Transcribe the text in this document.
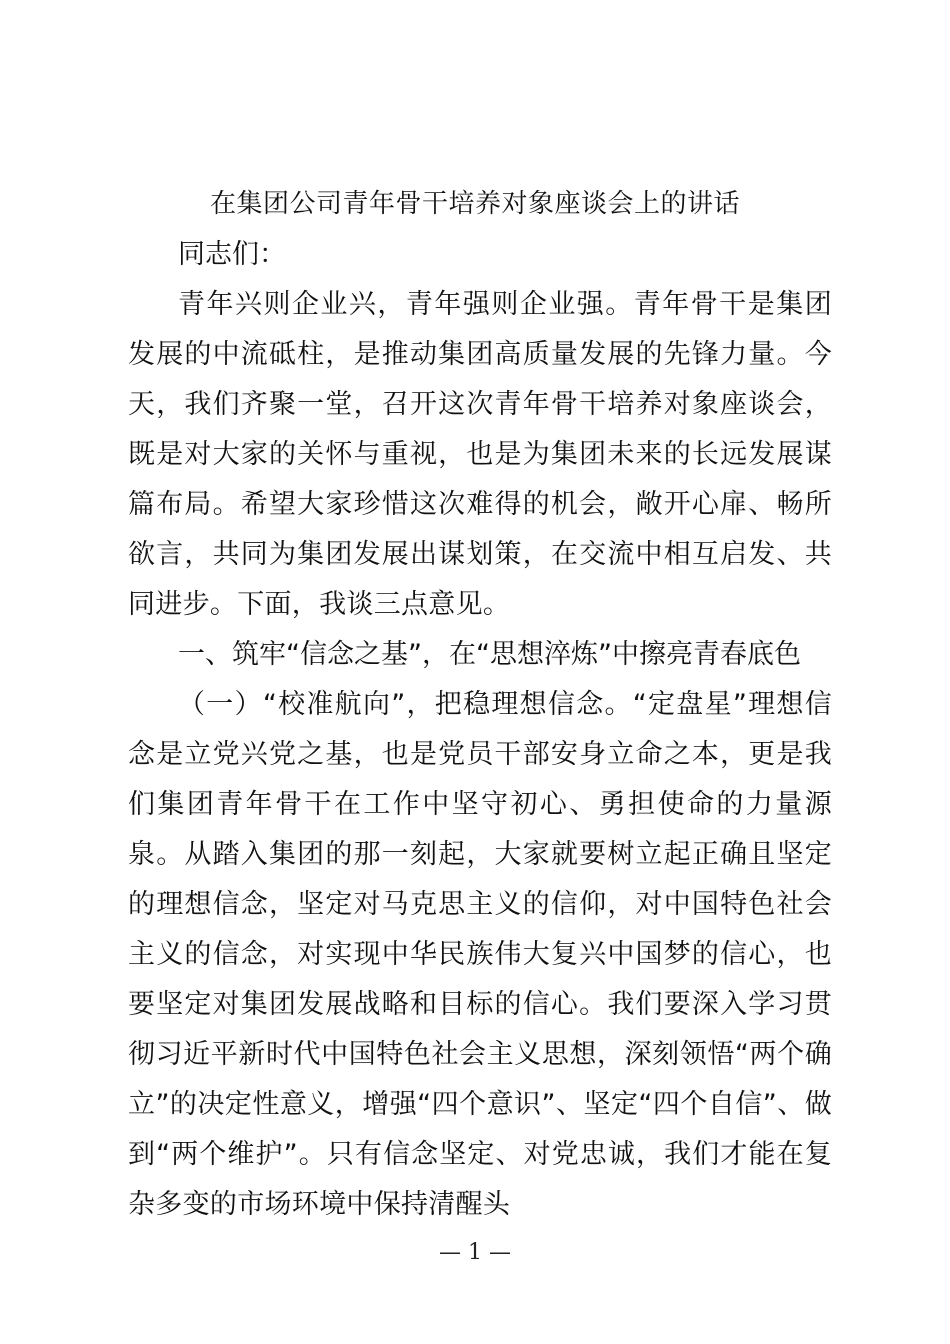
在集团公司青年骨干培养对象座谈会上的讲话

同志们：

青年兴则企业兴，青年强则企业强。青年骨干是集团发展的中流砥柱，是推动集团高质量发展的先锋力量。今天，我们齐聚一堂，召开这次青年骨干培养对象座谈会，既是对大家的关怀与重视，也是为集团未来的长远发展谋篇布局。希望大家珍惜这次难得的机会，敞开心扉、畅所欲言，共同为集团发展出谋划策，在交流中相互启发、共同进步。下面，我谈三点意见。

一、筑牢“信念之基”，在“思想淬炼”中擦亮青春底色

（一）“校准航向”，把稳理想信念。“定盘星”理想信念是立党兴党之基，也是党员干部安身立命之本，更是我们集团青年骨干在工作中坚守初心、勇担使命的力量源泉。从踏入集团的那一刻起，大家就要树立起正确且坚定的理想信念，坚定对马克思主义的信仰，对中国特色社会主义的信念，对实现中华民族伟大复兴中国梦的信心，也要坚定对集团发展战略和目标的信心。我们要深入学习贯彻习近平新时代中国特色社会主义思想，深刻领悟“两个确立”的决定性意义，增强“四个意识”、坚定“四个自信”、做到“两个维护”。只有信念坚定、对党忠诚，我们才能在复杂多变的市场环境中保持清醒头

— 1 —
